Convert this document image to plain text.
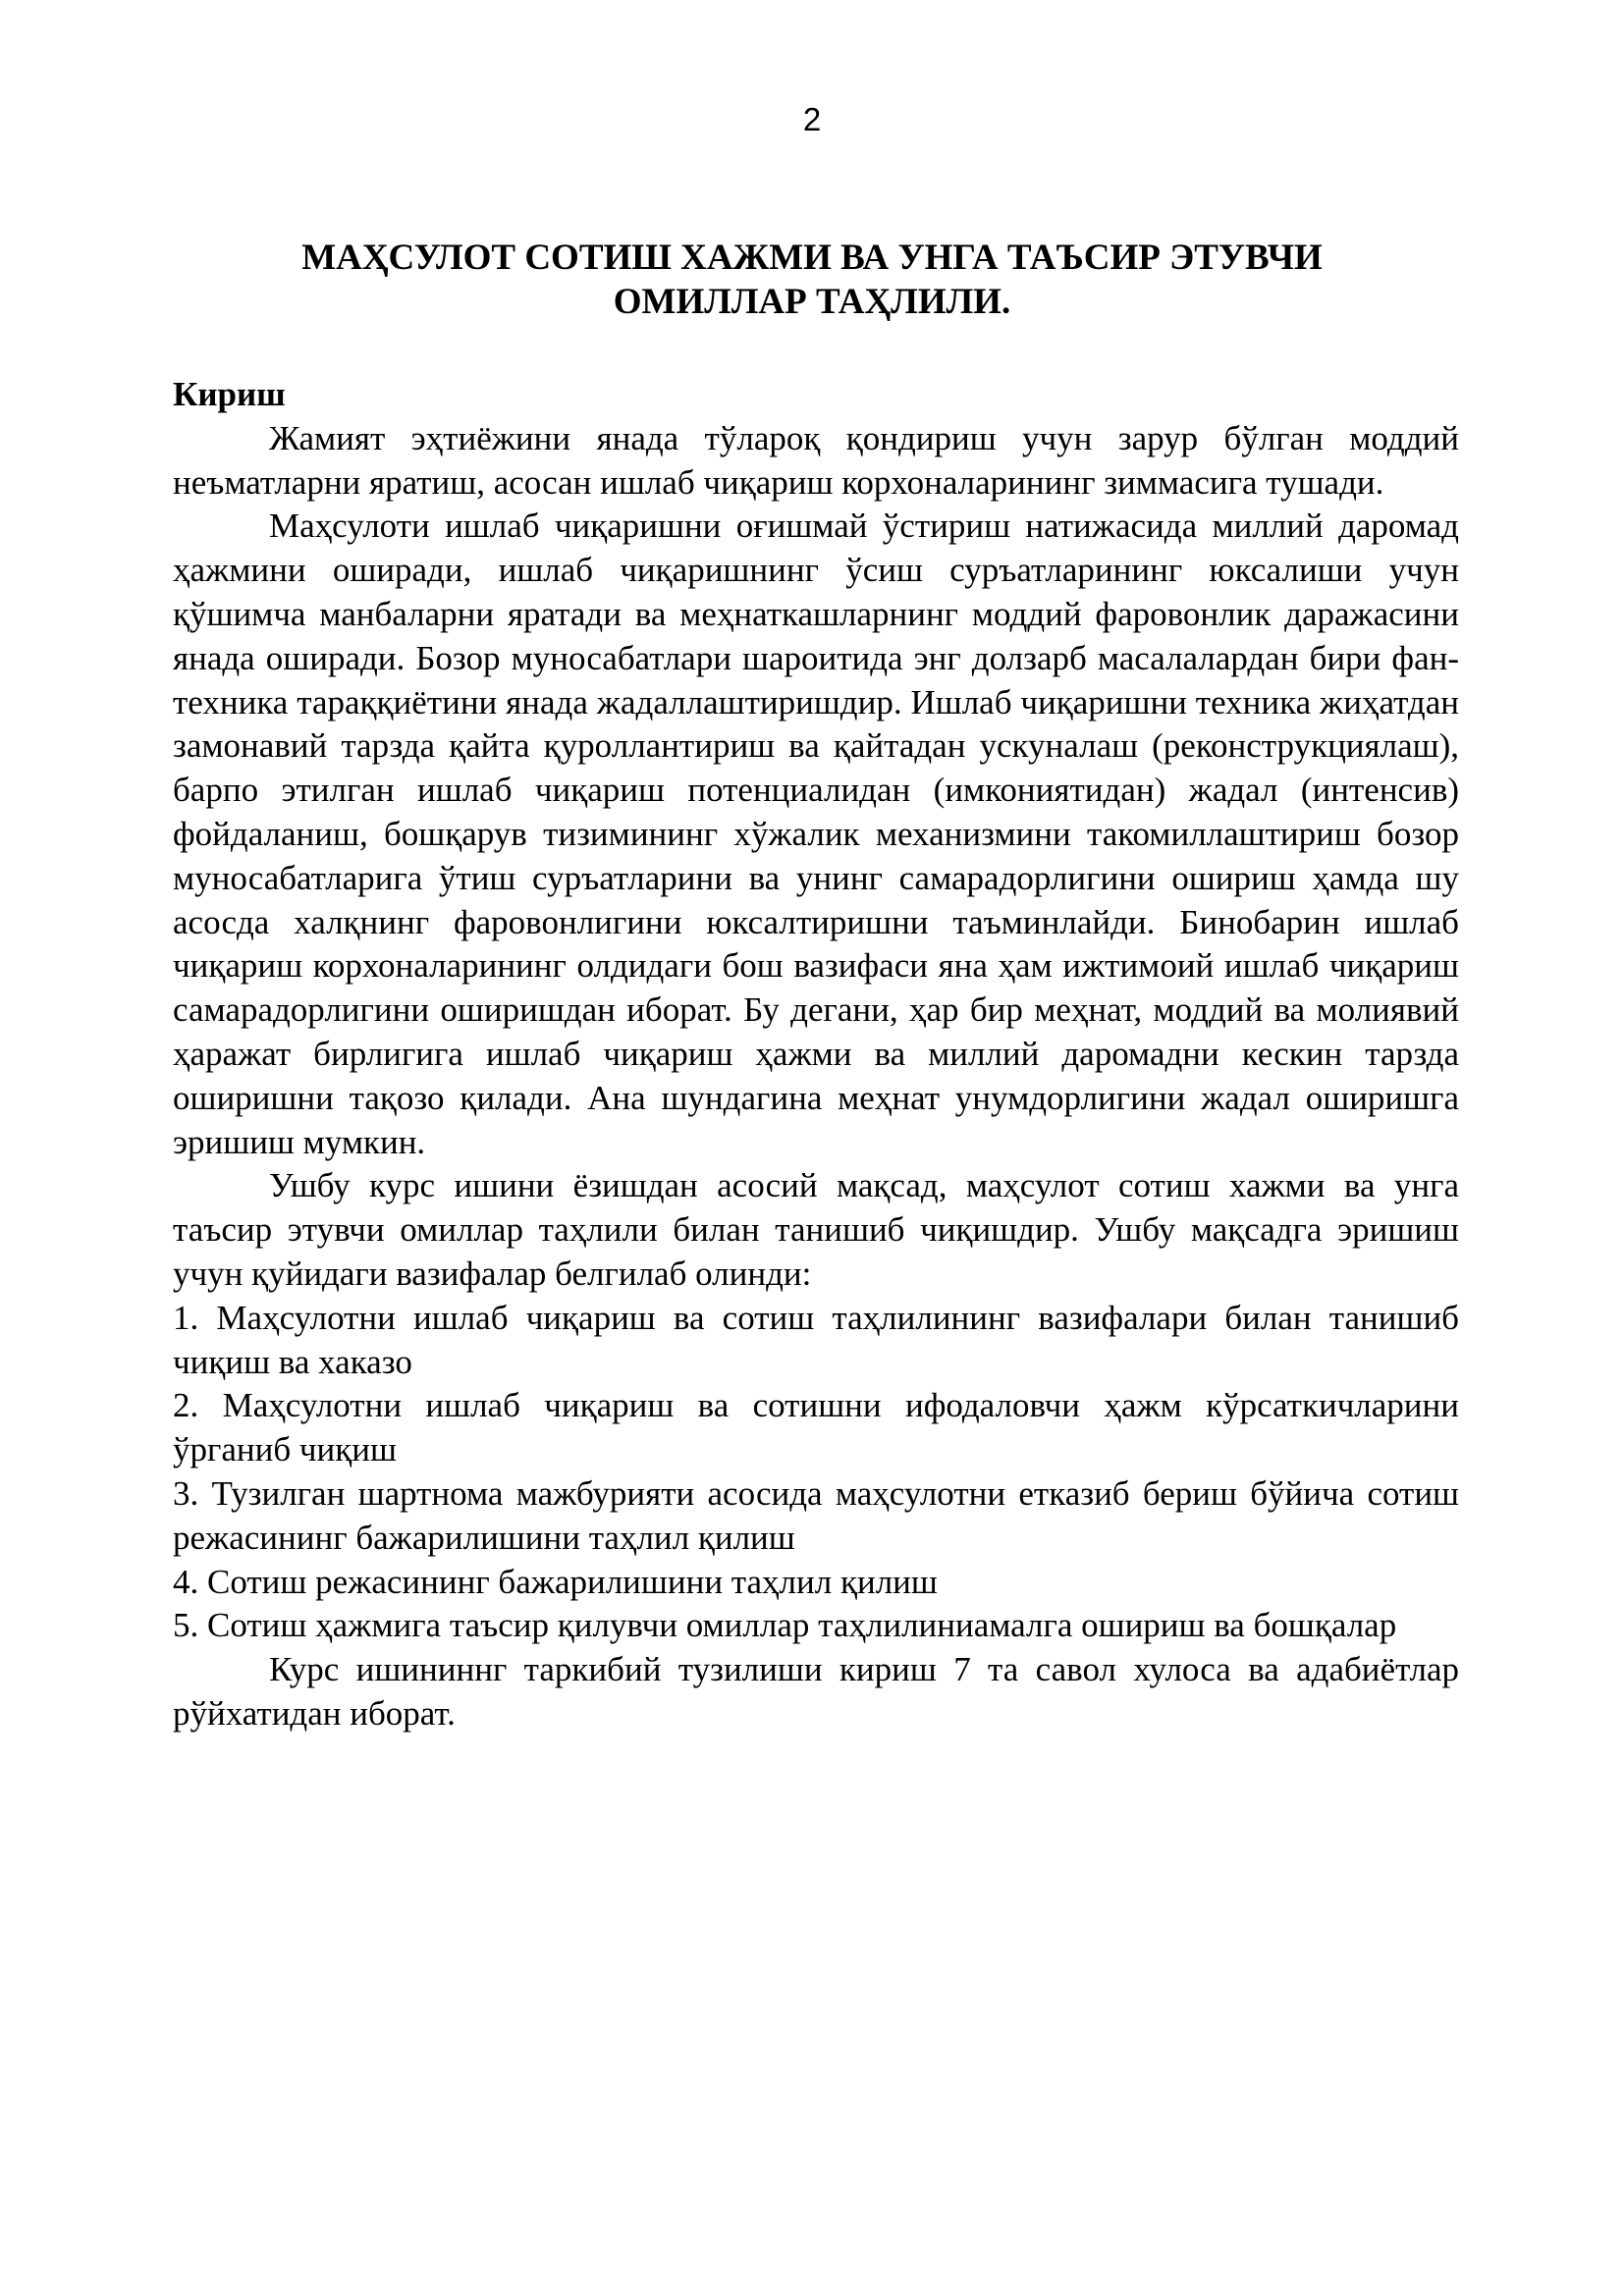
2
МАҲСУЛОТ СОТИШ ХАЖМИ ВА УНГА ТАЪСИР ЭТУВЧИ
ОМИЛЛАР ТАҲЛИЛИ.

Кириш

Жамият эҳтиёжини янада тўлароқ қондириш учун зарур бўлган моддий неъматларни яратиш, асосан ишлаб чиқариш корхоналарининг зиммасига тушади.

Маҳсулоти ишлаб чиқаришни оғишмай ўстириш натижасида миллий даромад ҳажмини оширади, ишлаб чиқаришнинг ўсиш суръатларининг юксалиши учун қўшимча манбаларни яратади ва меҳнаткашларнинг моддий фаровонлик даражасини янада оширади. Бозор муносабатлари шароитида энг долзарб масалалардан бири фан-техника тараққиётини янада жадаллаштиришдир. Ишлаб чиқаришни техника жиҳатдан замонавий тарзда қайта қуроллантириш ва қайтадан ускуналаш (реконструкциялаш), барпо этилган ишлаб чиқариш потенциалидан (имкониятидан) жадал (интенсив) фойдаланиш, бошқарув тизимининг хўжалик механизмини такомиллаштириш бозор муносабатларига ўтиш суръатларини ва унинг самарадорлигини ошириш ҳамда шу асосда халқнинг фаровонлигини юксалтиришни таъминлайди. Бинобарин ишлаб чиқариш корхоналарининг олдидаги бош вазифаси яна ҳам ижтимоий ишлаб чиқариш самарадорлигини оширишдан иборат. Бу дегани, ҳар бир меҳнат, моддий ва молиявий ҳаражат бирлигига ишлаб чиқариш ҳажми ва миллий даромадни кескин тарзда оширишни тақозо қилади. Ана шундагина меҳнат унумдорлигини жадал оширишга эришиш мумкин.

Ушбу курс ишини ёзишдан асосий мақсад, маҳсулот сотиш хажми ва унга таъсир этувчи омиллар таҳлили билан танишиб чиқишдир. Ушбу мақсадга эришиш учун қуйидаги вазифалар белгилаб олинди:

1. Маҳсулотни ишлаб чиқариш ва сотиш таҳлилининг вазифалари билан танишиб чиқиш ва хаказо

2. Маҳсулотни ишлаб чиқариш ва сотишни ифодаловчи ҳажм кўрсаткичларини ўрганиб чиқиш

3. Тузилган шартнома мажбурияти асосида маҳсулотни етказиб бериш бўйича сотиш режасининг бажарилишини таҳлил қилиш

4. Сотиш режасининг бажарилишини таҳлил қилиш

5. Сотиш ҳажмига таъсир қилувчи омиллар таҳлилиниамалга ошириш ва бошқалар

Курс ишининнг таркибий тузилиши кириш 7 та савол хулоса ва адабиётлар рўйхатидан иборат.
